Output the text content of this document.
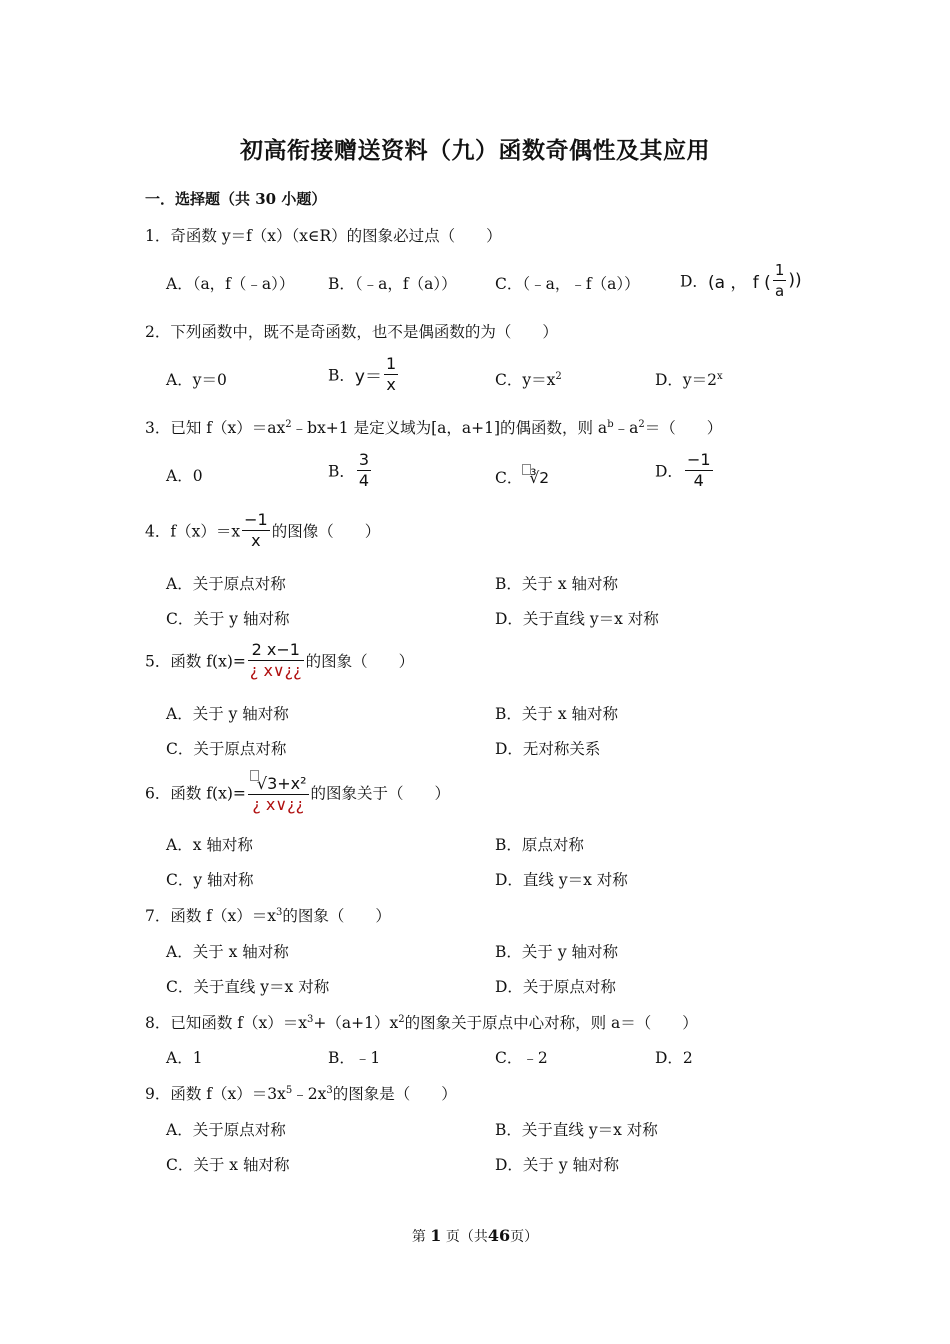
初高衔接赠送资料（九）函数奇偶性及其应用
一．选择题（共 30 小题）
1．奇函数 y＝f（x）（x∈R）的图象必过点（　　）
A．（a，f（﹣a）） B．（﹣a，f（a）） C．（﹣a，﹣f（a））	D．(a ， f ( $\frac{1}{a}$ ))
2．下列函数中，既不是奇函数，也不是偶函数的为（　　）
A．y＝0	B．$y= \frac{1}{x}$	C．$y=x^2$	D．$y=2^x$
3．已知 $f(x)=ax^2﹣bx+1$ 是定义域为[a，a+1]的偶函数，则 $a^b﹣a^2=$（　　）
A．0	B． $\frac{3}{4}$	C． ∛2	D． $\frac{-1}{4}$
4．$f(x)=x \frac{-1}{x}$ 的图像（　　）
A．关于原点对称	B．关于 x 轴对称
C．关于 y 轴对称	D．关于直线 y＝x 对称
5．函数 $f(x)= \frac{2 x-1}{¿ x\vee¿¿}$ 的图象（　　）
A．关于 y 轴对称	B．关于 x 轴对称
C．关于原点对称	D．无对称关系
6．函数 $f(x)= \frac{\text{√3+x²}}{¿ x\vee¿¿}$ 的图象关于（　　）
A．x 轴对称	B．原点对称
C．y 轴对称	D．直线 y＝x 对称
7．函数 $f(x)=x^3$的图象（　　）
A．关于 x 轴对称	B．关于 y 轴对称
C．关于直线 y＝x 对称	D．关于原点对称
8．已知函数 $f(x)=x^3+(a+1)x^2$的图象关于原点中心对称，则 a＝（　　）
A．1	B．﹣1	C．﹣2	D．2
9．函数 $f(x)=3x^5﹣2x^3$的图象是（　　）
A．关于原点对称	B．关于直线 y＝x 对称
C．关于 x 轴对称	D．关于 y 轴对称
第 1 页（共46页）
